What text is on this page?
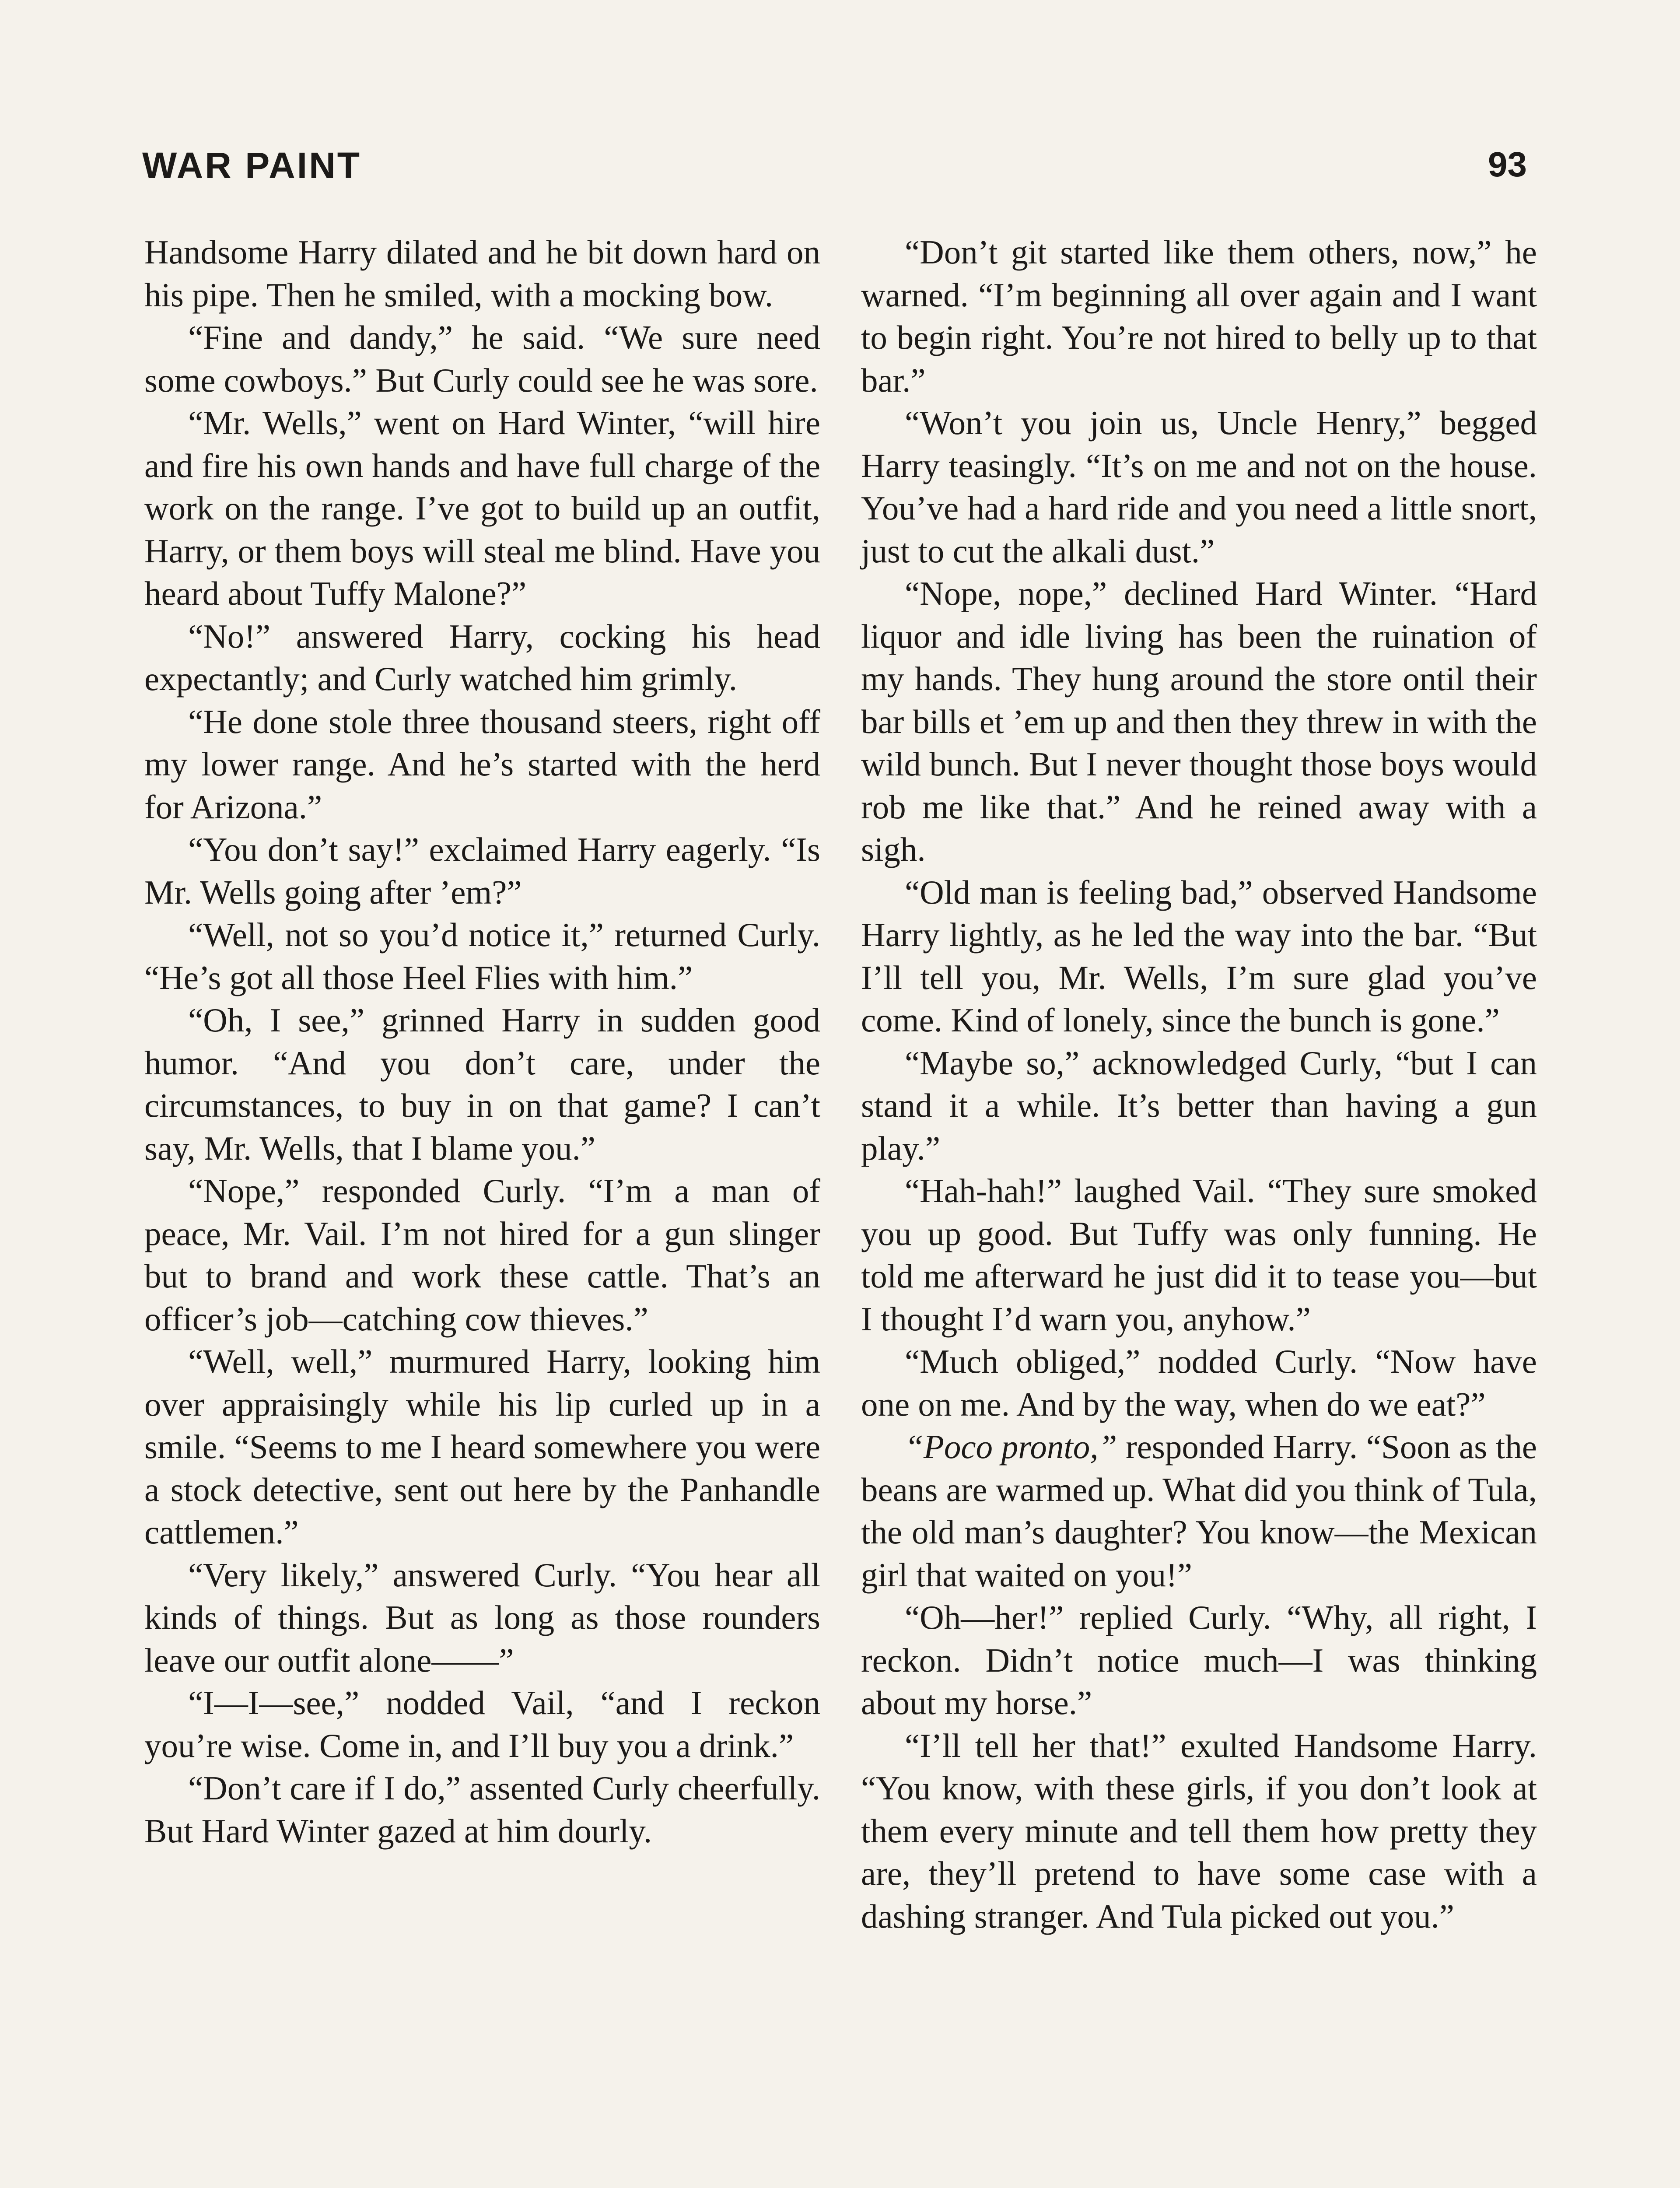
WAR PAINT	93

Handsome Harry dilated and he bit down hard on his pipe. Then he smiled, with a mocking bow.

“Fine and dandy,” he said. “We sure need some cowboys.” But Curly could see he was sore.

“Mr. Wells,” went on Hard Winter, “will hire and fire his own hands and have full charge of the work on the range. I’ve got to build up an outfit, Harry, or them boys will steal me blind. Have you heard about Tuffy Malone?”

“No!” answered Harry, cocking his head expectantly; and Curly watched him grimly.

“He done stole three thousand steers, right off my lower range. And he’s started with the herd for Arizona.”

“You don’t say!” exclaimed Harry eagerly. “Is Mr. Wells going after ’em?”

“Well, not so you’d notice it,” returned Curly. “He’s got all those Heel Flies with him.”

“Oh, I see,” grinned Harry in sudden good humor. “And you don’t care, under the circumstances, to buy in on that game? I can’t say, Mr. Wells, that I blame you.”

“Nope,” responded Curly. “I’m a man of peace, Mr. Vail. I’m not hired for a gun slinger but to brand and work these cattle. That’s an officer’s job—catching cow thieves.”

“Well, well,” murmured Harry, looking him over appraisingly while his lip curled up in a smile. “Seems to me I heard somewhere you were a stock detective, sent out here by the Panhandle cattlemen.”

“Very likely,” answered Curly. “You hear all kinds of things. But as long as those rounders leave our outfit alone——”

“I—I—see,” nodded Vail, “and I reckon you’re wise. Come in, and I’ll buy you a drink.”

“Don’t care if I do,” assented Curly cheerfully. But Hard Winter gazed at him dourly.

“Don’t git started like them others, now,” he warned. “I’m beginning all over again and I want to begin right. You’re not hired to belly up to that bar.”

“Won’t you join us, Uncle Henry,” begged Harry teasingly. “It’s on me and not on the house. You’ve had a hard ride and you need a little snort, just to cut the alkali dust.”

“Nope, nope,” declined Hard Winter. “Hard liquor and idle living has been the ruination of my hands. They hung around the store ontil their bar bills et ’em up and then they threw in with the wild bunch. But I never thought those boys would rob me like that.” And he reined away with a sigh.

“Old man is feeling bad,” observed Handsome Harry lightly, as he led the way into the bar. “But I’ll tell you, Mr. Wells, I’m sure glad you’ve come. Kind of lonely, since the bunch is gone.”

“Maybe so,” acknowledged Curly, “but I can stand it a while. It’s better than having a gun play.”

“Hah-hah!” laughed Vail. “They sure smoked you up good. But Tuffy was only funning. He told me afterward he just did it to tease you—but I thought I’d warn you, anyhow.”

“Much obliged,” nodded Curly. “Now have one on me. And by the way, when do we eat?”

“Poco pronto,” responded Harry. “Soon as the beans are warmed up. What did you think of Tula, the old man’s daughter? You know—the Mexican girl that waited on you!”

“Oh—her!” replied Curly. “Why, all right, I reckon. Didn’t notice much—I was thinking about my horse.”

“I’ll tell her that!” exulted Handsome Harry. “You know, with these girls, if you don’t look at them every minute and tell them how pretty they are, they’ll pretend to have some case with a dashing stranger. And Tula picked out you.”
